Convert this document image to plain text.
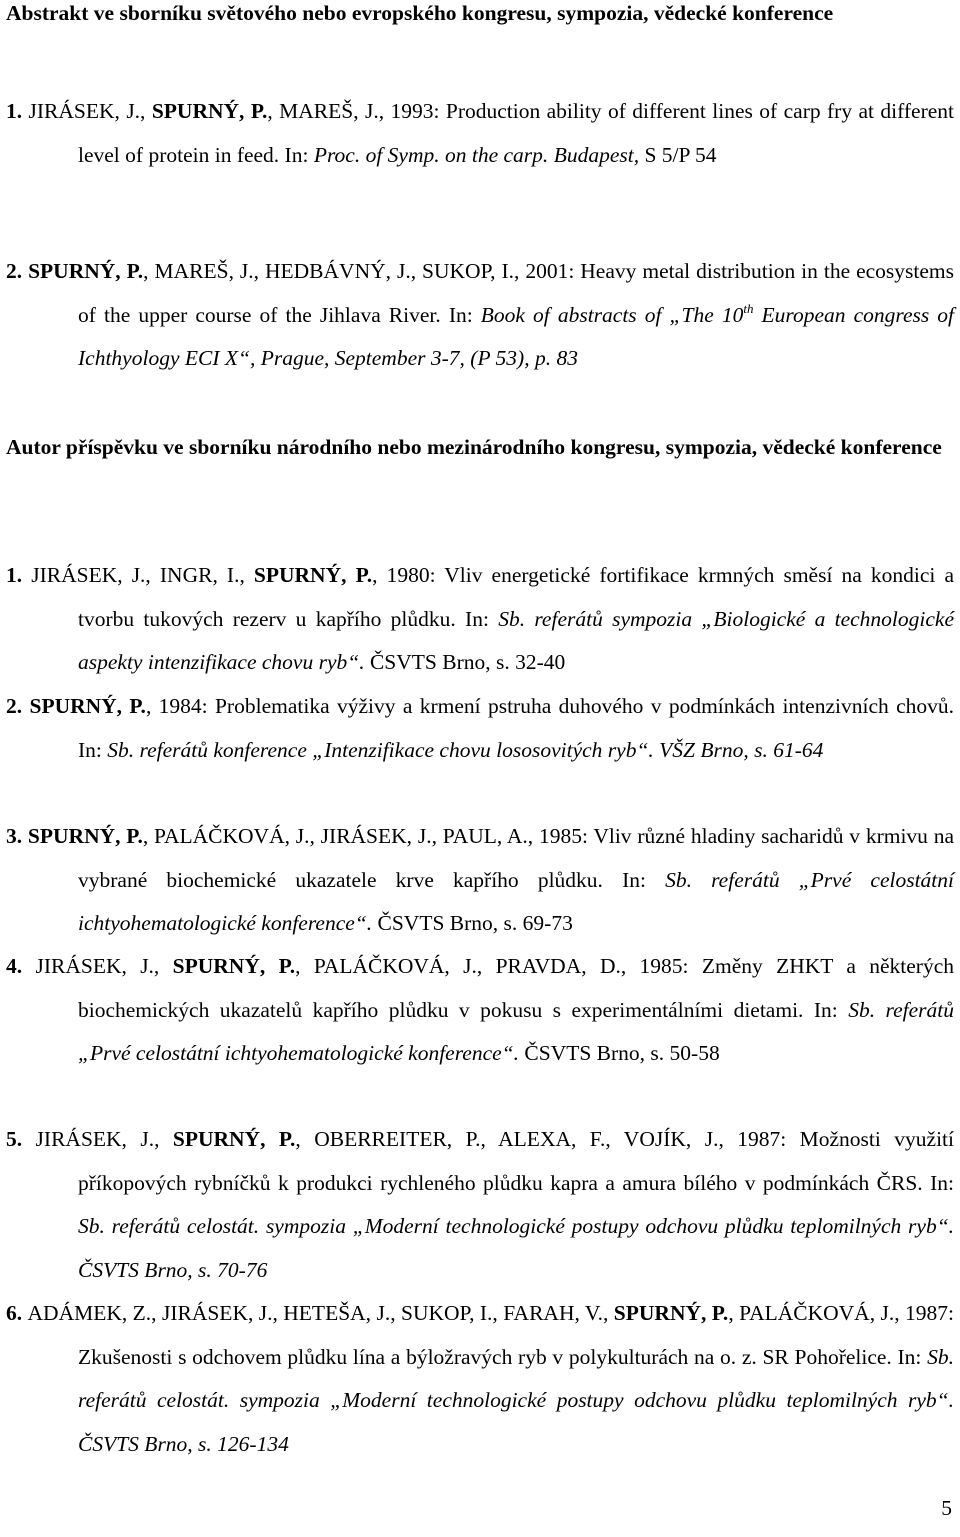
Abstrakt ve sborníku světového nebo evropského kongresu, sympozia, vědecké konference
1. JIRÁSEK, J., SPURNÝ, P., MAREŠ, J., 1993: Production ability of different lines of carp fry at different level of protein in feed. In: Proc. of Symp. on the carp. Budapest, S 5/P 54
2. SPURNÝ, P., MAREŠ, J., HEDBÁVNÝ, J., SUKOP, I., 2001: Heavy metal distribution in the ecosystems of the upper course of the Jihlava River. In: Book of abstracts of „The 10th European congress of Ichthyology ECI X“, Prague, September 3-7, (P 53), p. 83
Autor příspěvku ve sborníku národního nebo mezinárodního kongresu, sympozia, vědecké konference
1. JIRÁSEK, J., INGR, I., SPURNÝ, P., 1980: Vliv energetické fortifikace krmných směsí na kondici a tvorbu tukových rezerv u kapřího plůdku. In: Sb. referátů sympozia „Biologické a technologické aspekty intenzifikace chovu ryb“. ČSVTS Brno, s. 32-40
2. SPURNÝ, P., 1984: Problematika výživy a krmení pstruha duhového v podmínkách intenzivních chovů. In: Sb. referátů konference „Intenzifikace chovu lososovitých ryb“. VŠZ Brno, s. 61-64
3. SPURNÝ, P., PALÁČKOVÁ, J., JIRÁSEK, J., PAUL, A., 1985: Vliv různé hladiny sacharidů v krmivu na vybrané biochemické ukazatele krve kapřího plůdku. In: Sb. referátů „Prvé celostátní ichtyohematologické konference“. ČSVTS Brno, s. 69-73
4. JIRÁSEK, J., SPURNÝ, P., PALÁČKOVÁ, J., PRAVDA, D., 1985: Změny ZHKT a některých biochemických ukazatelů kapřího plůdku v pokusu s experimentálními dietami. In: Sb. referátů „Prvé celostátní ichtyohematologické konference“. ČSVTS Brno, s. 50-58
5. JIRÁSEK, J., SPURNÝ, P., OBERREITER, P., ALEXA, F., VOJÍK, J., 1987: Možnosti využití příkopových rybníčků k produkci rychleného plůdku kapra a amura bílého v podmínkách ČRS. In: Sb. referátů celostát. sympozia „Moderní technologické postupy odchovu plůdku teplomilných ryb“. ČSVTS Brno, s. 70-76
6. ADÁMEK, Z., JIRÁSEK, J., HETEŠA, J., SUKOP, I., FARAH, V., SPURNÝ, P., PALÁČKOVÁ, J., 1987: Zkušenosti s odchovem plůdku lína a býložravých ryb v polykulturách na o. z. SR Pohořelice. In: Sb. referátů celostát. sympozia „Moderní technologické postupy odchovu plůdku teplomilných ryb“. ČSVTS Brno, s. 126-134
5
